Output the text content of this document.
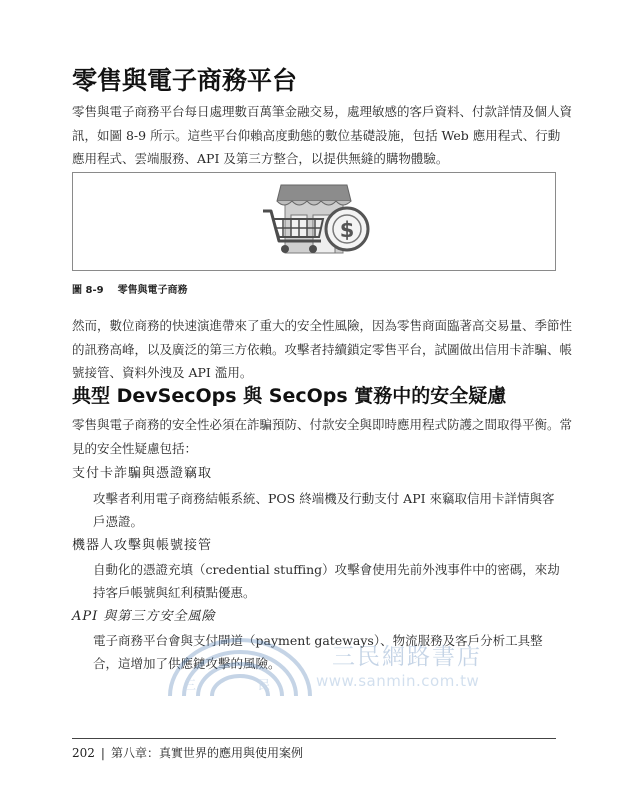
零售與電子商務平台

零售與電子商務平台每日處理數百萬筆金融交易，處理敏感的客戶資料、付款詳情及個人資訊，如圖 8-9 所示。這些平台仰賴高度動態的數位基礎設施，包括 Web 應用程式、行動應用程式、雲端服務、API 及第三方整合，以提供無縫的購物體驗。

$
圖 8-9 零售與電子商務

然而，數位商務的快速演進帶來了重大的安全性風險，因為零售商面臨著高交易量、季節性的訊務高峰，以及廣泛的第三方依賴。攻擊者持續鎖定零售平台，試圖做出信用卡詐騙、帳號接管、資料外洩及 API 濫用。

典型 DevSecOps 與 SecOps 實務中的安全疑慮

零售與電子商務的安全性必須在詐騙預防、付款安全與即時應用程式防護之間取得平衡。常見的安全性疑慮包括：

支付卡詐騙與憑證竊取

攻擊者利用電子商務結帳系統、POS 終端機及行動支付 API 來竊取信用卡詳情與客戶憑證。

機器人攻擊與帳號接管

自動化的憑證充填（credential stuffing）攻擊會使用先前外洩事件中的密碼，來劫持客戶帳號與紅利積點優惠。

API 與第三方安全風險

電子商務平台會與支付閘道（payment gateways）、物流服務及客戶分析工具整合，這增加了供應鏈攻擊的風險。

三	民
三民網路書店
www.sanmin.com.tw
202 | 第八章：真實世界的應用與使用案例
